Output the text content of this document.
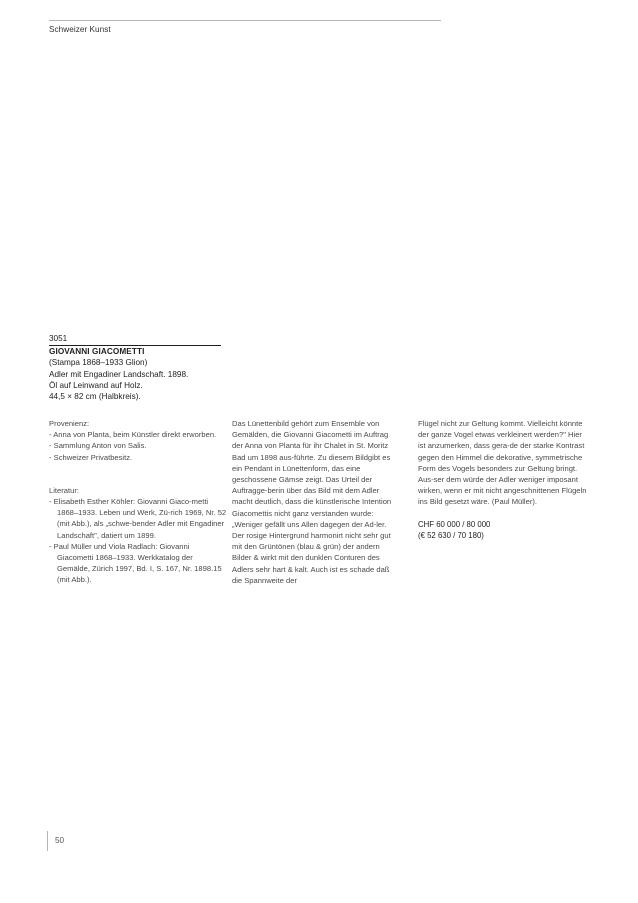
Schweizer Kunst
3051
GIOVANNI GIACOMETTI
(Stampa 1868–1933 Glion)
Adler mit Engadiner Landschaft. 1898.
Öl auf Leinwand auf Holz.
44,5 × 82 cm (Halbkreis).
Provenienz:
- Anna von Planta, beim Künstler direkt erworben.
- Sammlung Anton von Salis.
- Schweizer Privatbesitz.
Literatur:
- Elisabeth Esther Köhler: Giovanni Giaco-metti 1868–1933. Leben und Werk, Zü-rich 1969, Nr. 52 (mit Abb.), als „schwe-bender Adler mit Engadiner Landschaft", datiert um 1899.
- Paul Müller und Viola Radlach: Giovanni Giacometti 1868–1933. Werkkatalog der Gemälde, Zürich 1997, Bd. I, S. 167, Nr. 1898.15 (mit Abb.).
Das Lünettenbild gehört zum Ensemble von Gemälden, die Giovanni Giacometti im Auftrag der Anna von Planta für ihr Chalet in St. Moritz Bad um 1898 aus-führte. Zu diesem Bildgibt es ein Pendant in Lünettenform, das eine geschossene Gämse zeigt. Das Urteil der Auftragge-berin über das Bild mit dem Adler macht deutlich, dass die künstlerische Intention Giacomettis nicht ganz verstanden wurde: „Weniger gefällt uns Allen dagegen der Ad-ler. Der rosige Hintergrund harmonirt nicht sehr gut mit den Grüntönen (blau & grün) der andern Bilder & wirkt mit den dunklen Conturen des Adlers sehr hart & kalt. Auch ist es schade daß die Spannweite der
Flügel nicht zur Geltung kommt. Vielleicht könnte der ganze Vogel etwas verkleinert werden?" Hier ist anzumerken, dass gera-de der starke Kontrast gegen den Himmel die dekorative, symmetrische Form des Vogels besonders zur Geltung bringt. Aus-ser dem würde der Adler weniger imposant wirken, wenn er mit nicht angeschnittenen Flügeln ins Bild gesetzt wäre. (Paul Müller).
CHF 60 000 / 80 000
(€ 52 630 / 70 180)
50
